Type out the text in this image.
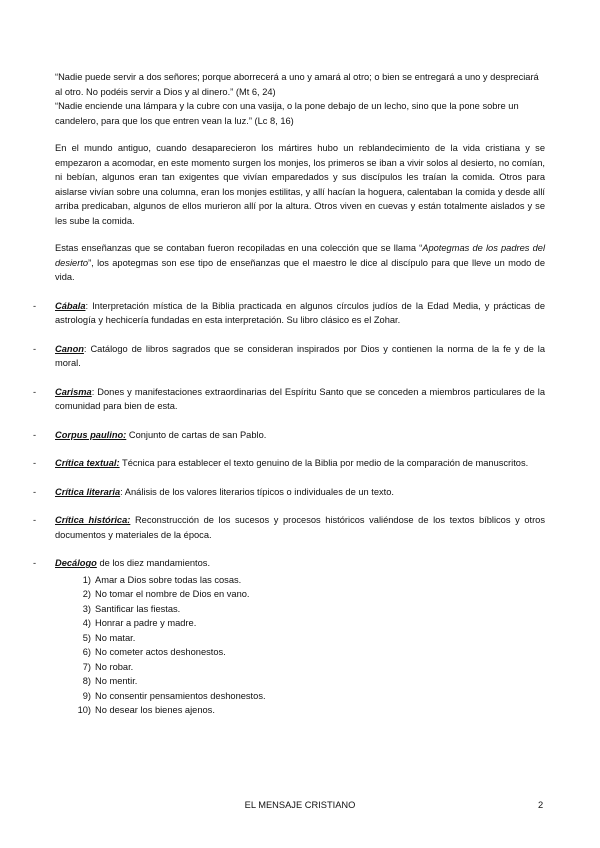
“Nadie puede servir a dos señores; porque aborrecerá a uno y amará al otro; o bien se entregará a uno y despreciará al otro. No podéis servir a Dios y al dinero.” (Mt 6, 24)

“Nadie enciende una lámpara y la cubre con una vasija, o la pone debajo de un lecho, sino que la pone sobre un candelero, para que los que entren vean la luz.” (Lc 8, 16)

En el mundo antiguo, cuando desaparecieron los mártires hubo un reblandecimiento de la vida cristiana y se empezaron a acomodar, en este momento surgen los monjes, los primeros se iban a vivir solos al desierto, no comían, ni bebían, algunos eran tan exigentes que vivían emparedados y sus discípulos les traían la comida. Otros para aislarse vivían sobre una columna, eran los monjes estilitas, y allí hacían la hoguera, calentaban la comida y desde allí arriba predicaban, algunos de ellos murieron allí por la altura. Otros viven en cuevas y están totalmente aislados y se les sube la comida.

Estas enseñanzas que se contaban fueron recopiladas en una colección que se llama “Apotegmas de los padres del desierto”, los apotegmas son ese tipo de enseñanzas que el maestro le dice al discípulo para que lleve un modo de vida.

- Cábala: Interpretación mística de la Biblia practicada en algunos círculos judíos de la Edad Media, y prácticas de astrología y hechicería fundadas en esta interpretación. Su libro clásico es el Zohar.

- Canon: Catálogo de libros sagrados que se consideran inspirados por Dios y contienen la norma de la fe y de la moral.

- Carisma: Dones y manifestaciones extraordinarias del Espíritu Santo que se conceden a miembros particulares de la comunidad para bien de esta.

- Corpus paulino: Conjunto de cartas de san Pablo.

- Crítica textual: Técnica para establecer el texto genuino de la Biblia por medio de la comparación de manuscritos.

- Crítica literaria: Análisis de los valores literarios típicos o individuales de un texto.

- Crítica histórica: Reconstrucción de los sucesos y procesos históricos valiéndose de los textos bíblicos y otros documentos y materiales de la época.

- Decálogo de los diez mandamientos.

1) Amar a Dios sobre todas las cosas.
2) No tomar el nombre de Dios en vano.
3) Santificar las fiestas.
4) Honrar a padre y madre.
5) No matar.
6) No cometer actos deshonestos.
7) No robar.
8) No mentir.
9) No consentir pensamientos deshonestos.
10) No desear los bienes ajenos.
EL MENSAJE CRISTIANO	2
